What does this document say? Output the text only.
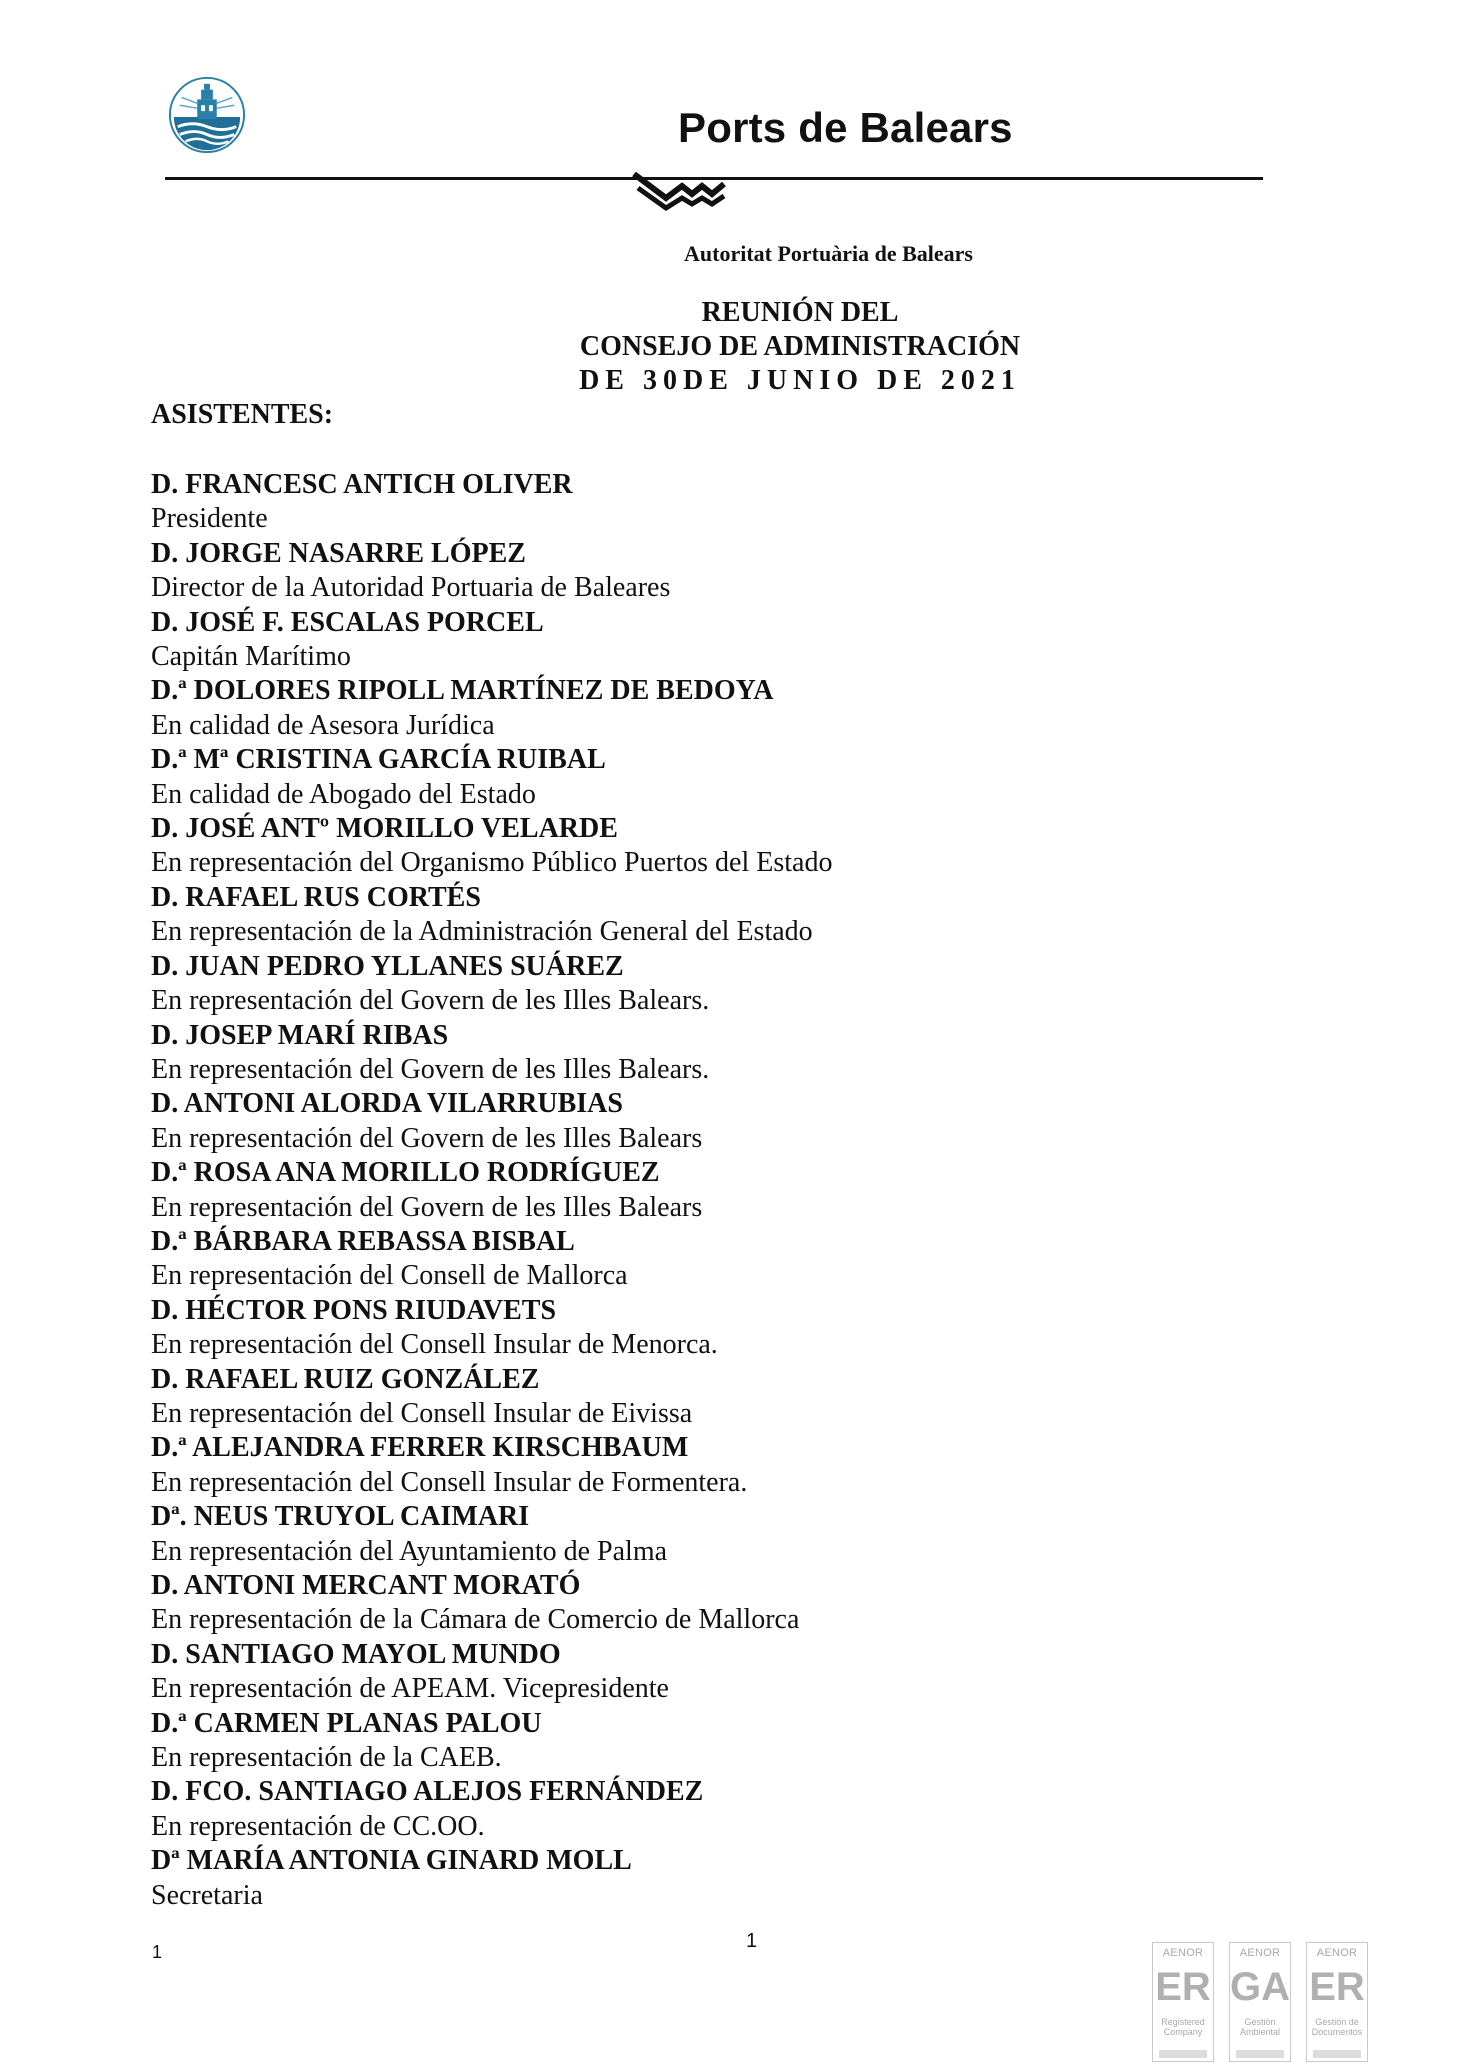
Ports de Balears
Autoritat Portuària de Balears
REUNIÓN DEL
CONSEJO DE ADMINISTRACIÓN
DE 30DE JUNIO DE 2021
ASISTENTES:
D. FRANCESC ANTICH OLIVER
Presidente
D. JORGE NASARRE LÓPEZ
Director de la Autoridad Portuaria de Baleares
D. JOSÉ F. ESCALAS PORCEL
Capitán Marítimo
D.ª DOLORES RIPOLL MARTÍNEZ DE BEDOYA
En calidad de Asesora Jurídica
D.ª Mª CRISTINA GARCÍA RUIBAL
En calidad de Abogado del Estado
D. JOSÉ ANTº MORILLO VELARDE
En representación del Organismo Público Puertos del Estado
D. RAFAEL RUS CORTÉS
En representación de la Administración General del Estado
D. JUAN PEDRO YLLANES SUÁREZ
En representación del Govern de les Illes Balears.
D. JOSEP MARÍ RIBAS
En representación del Govern de les Illes Balears.
D. ANTONI ALORDA VILARRUBIAS
En representación del Govern de les Illes Balears
D.ª ROSA ANA MORILLO RODRÍGUEZ
En representación del Govern de les Illes Balears
D.ª BÁRBARA REBASSA BISBAL
En representación del Consell de Mallorca
D. HÉCTOR PONS RIUDAVETS
En representación del Consell Insular de Menorca.
D. RAFAEL RUIZ GONZÁLEZ
En representación del Consell Insular de Eivissa
D.ª ALEJANDRA FERRER KIRSCHBAUM
En representación del Consell Insular de Formentera.
Dª. NEUS TRUYOL CAIMARI
En representación del Ayuntamiento de Palma
D. ANTONI MERCANT MORATÓ
En representación de la Cámara de Comercio de Mallorca
D. SANTIAGO MAYOL MUNDO
En representación de APEAM. Vicepresidente
D.ª CARMEN PLANAS PALOU
En representación de la CAEB.
D. FCO. SANTIAGO ALEJOS FERNÁNDEZ
En representación de CC.OO.
Dª MARÍA ANTONIA GINARD MOLL
Secretaria
1	1
AENOR
ER
Registered Company
AENOR
GA
Gestión Ambiental
AENOR
ER
Gestión de Documentos
